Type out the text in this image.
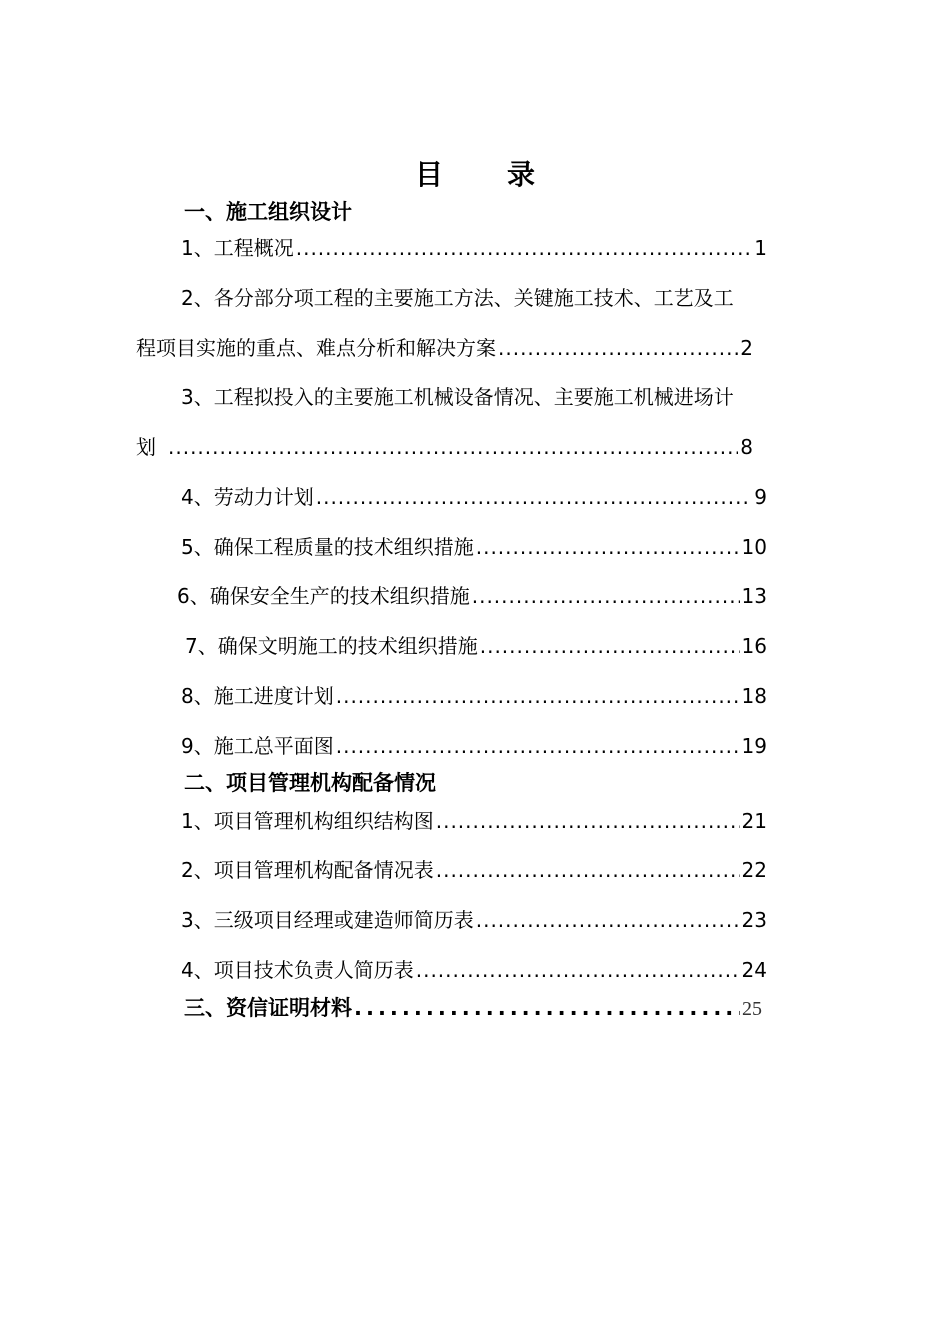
目 录
一、施工组织设计
1、工程概况 .....	1
2、各分部分项工程的主要施工方法、关键施工技术、工艺及工
程项目实施的重点、难点分析和解决方案 .....	2
3、工程拟投入的主要施工机械设备情况、主要施工机械进场计
划 .....	8
4、劳动力计划 .....	9
5、确保工程质量的技术组织措施 .....	10
6、确保安全生产的技术组织措施 .....	13
7、确保文明施工的技术组织措施 .....	16
8、施工进度计划 .....	18
9、施工总平面图 .....	19
二、项目管理机构配备情况
1、项目管理机构组织结构图 .....	21
2、项目管理机构配备情况表 .....	22
3、三级项目经理或建造师简历表 .....	23
4、项目技术负责人简历表 .....	24
三、资信证明材料 .....	25
